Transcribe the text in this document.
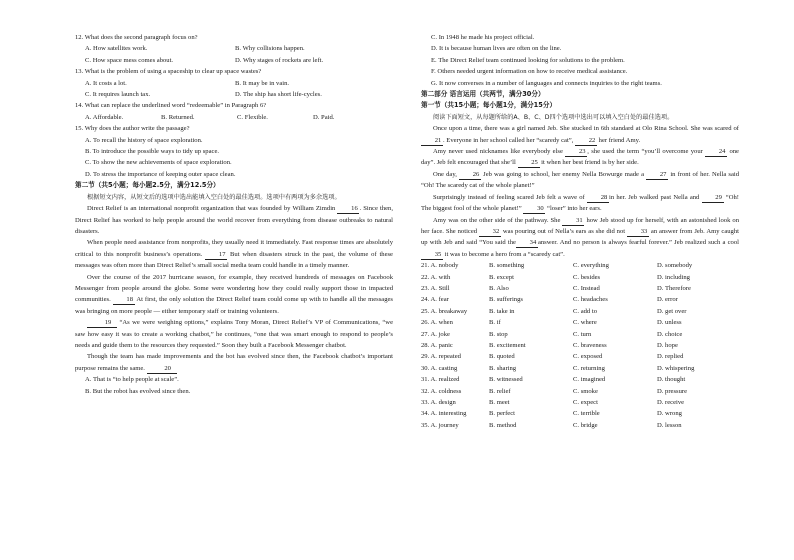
12. What does the second paragraph focus on?
A. How satellites work.	B. Why collisions happen.
C. How space mess comes about.	D. Why stages of rockets are left.
13. What is the problem of using a spaceship to clear up space wastes?
A. It costs a lot.	B. It may be in vain.
C. It requires launch tax.	D. The ship has short life-cycles.
14. What can replace the underlined word “redeemable” in Paragraph 6?
A. Affordable.	B. Returned.	C. Flexible.	D. Paid.
15. Why does the author write the passage?
A. To recall the history of space exploration.
B. To introduce the possible ways to tidy up space.
C. To show the new achievements of space exploration.
D. To stress the importance of keeping outer space clean.
第二节（共5小题；每小题2.5分，满分12.5分）
根据短文内容，从短文后的选项中选出能填入空白处的最佳选项。选项中有两项为多余选项。
Direct Relief is an international nonprofit organization that was founded by William Zimdin 16 . Since then, Direct Relief has worked to help people around the world recover from everything from disease outbreaks to natural disasters.
When people need assistance from nonprofits, they usually need it immediately. Fast response times are absolutely critical to this nonprofit business’s operations.	17 But when disasters struck in the past, the volume of these messages was often more than Direct Relief’s small social media team could handle in a timely manner.
Over the course of the 2017 hurricane season, for example, they received hundreds of messages on Facebook Messenger from people around the globe. Some were wondering how they could really support those in impacted communities. 18 At first, the only solution the Direct Relief team could come up with to handle all the messages was bringing on more people — either temporary staff or training volunteers.
19 “As we were weighing options,” explains Tony Moran, Direct Relief’s VP of Communications, “we saw how easy it was to create a working chatbot,” he continues, “one that was smart enough to respond to people’s needs and guide them to the resources they requested.” Soon they built a Facebook Messenger chatbot.
Though the team has made improvements and the bot has evolved since then, the Facebook chatbot’s important purpose remains the same.	20
A. That is “to help people at scale”.
B. But the robot has evolved since then.
C. In 1948 he made his project official.
D. It is because human lives are often on the line.
E. The Direct Relief team continued looking for solutions to the problem.
F. Others needed urgent information on how to receive medical assistance.
G. It now converses in a number of languages and connects inquiries to the right teams.
第二部分 语言运用（共两节，满分30分）
第一节（共15小题；每小题1分，满分15分）
阅读下面短文，从每题所给的A、B、C、D四个选项中选出可以填入空白处的最佳选项。
Once upon a time, there was a girl named Jeb. She stucked in 6th standard at Olo Rina School. She was scared of 21 . Everyone in her school called her “scaredy cat”, 22 her friend Amy.
Amy never used nicknames like everybody else 23 , she used the term “you’ll overcome your 24 one day”. Jeb felt encouraged that she’ll 25 it when her best friend is by her side.
One day, 26 Jeb was going to school, her enemy Nella Bowurge made a 27 in front of her. Nella said “Oh! The scaredy cat of the whole planet!”
Surprisingly instead of feeling scared Jeb felt a wave of 28 in her. Jeb walked past Nella and 29 “Oh! The biggest fool of the whole planet!” 30 “loser” into her ears.
Amy was on the other side of the pathway. She 31 how Jeb stood up for herself, with an astonished look on her face. She noticed 32 was pouring out of Nella’s ears as she did not 33 an answer from Jeb. Amy caught up with Jeb and said “You said the 34 answer. And no person is always fearful forever.” Jeb realized such a cool 35 it was to become a hero from a “scaredy cat”.
21. A. nobody	B. something	C. everything	D. somebody
22. A. with	B. except	C. besides	D. including
23. A. Still	B. Also	C. Instead	D. Therefore
24. A. fear	B. sufferings	C. headaches	D. error
25. A. breakaway	B. take in	C. add to	D. get over
26. A. when	B. if	C. where	D. unless
27. A. joke	B. stop	C. turn	D. choice
28. A. panic	B. excitement	C. braveness	D. hope
29. A. repeated	B. quoted	C. exposed	D. replied
30. A. casting	B. sharing	C. returning	D. whispering
31. A. realized	B. witnessed	C. imagined	D. thought
32. A. coldness	B. relief	C. smoke	D. pressure
33. A. design	B. meet	C. expect	D. receive
34. A. interesting	B. perfect	C. terrible	D. wrong
35. A. journey	B. method	C. bridge	D. lesson
